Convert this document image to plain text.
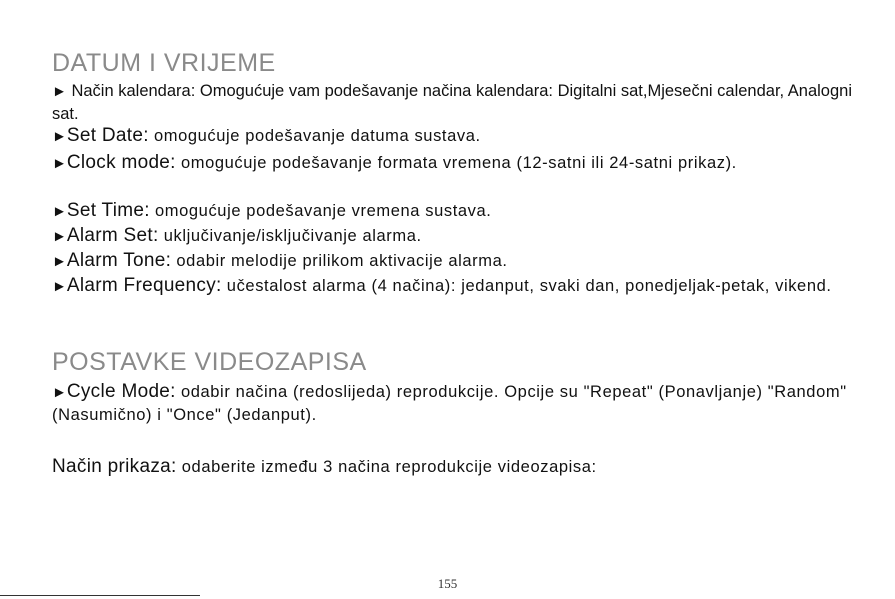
DATUM I VRIJEME

► Način kalendara: Omogućuje vam podešavanje načina kalendara: Digitalni sat,Mjesečni calendar, Analogni sat.

►Set Date: omogućuje podešavanje datuma sustava.

►Clock mode: omogućuje podešavanje formata vremena (12-satni ili 24-satni prikaz).

►Set Time: omogućuje podešavanje vremena sustava.

►Alarm Set: uključivanje/isključivanje alarma.

►Alarm Tone: odabir melodije prilikom aktivacije alarma.

►Alarm Frequency: učestalost alarma (4 načina): jedanput, svaki dan, ponedjeljak-petak, vikend.

POSTAVKE VIDEOZAPISA

►Cycle Mode: odabir načina (redoslijeda) reprodukcije. Opcije su "Repeat" (Ponavljanje) "Random" (Nasumično) i "Once" (Jedanput).

Način prikaza: odaberite između 3 načina reprodukcije videozapisa:

155
